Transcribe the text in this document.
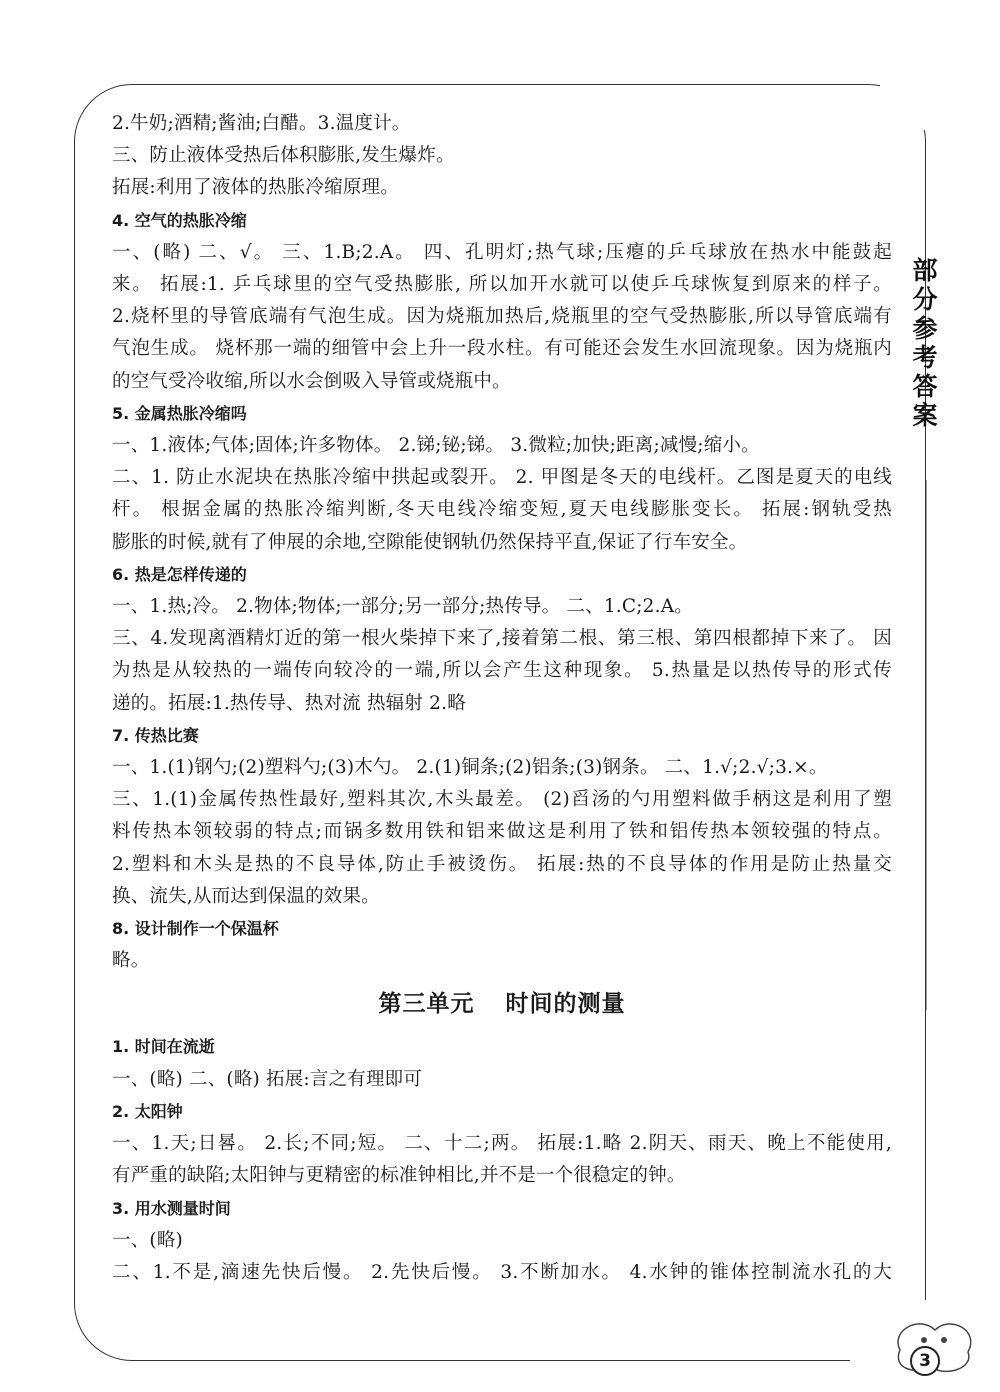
部分参考答案
2.牛奶;酒精;酱油;白醋。3.温度计。
三、防止液体受热后体积膨胀,发生爆炸。
拓展:利用了液体的热胀冷缩原理。
4. 空气的热胀冷缩
一、(略) 二、√。 三、1.B;2.A。 四、孔明灯;热气球;压瘪的乒乓球放在热水中能鼓起
来。 拓展:1. 乒乓球里的空气受热膨胀, 所以加开水就可以使乒乓球恢复到原来的样子。
2.烧杯里的导管底端有气泡生成。因为烧瓶加热后,烧瓶里的空气受热膨胀,所以导管底端有
气泡生成。 烧杯那一端的细管中会上升一段水柱。有可能还会发生水回流现象。因为烧瓶内
的空气受冷收缩,所以水会倒吸入导管或烧瓶中。
5. 金属热胀冷缩吗
一、1.液体;气体;固体;许多物体。 2.锑;铋;锑。 3.微粒;加快;距离;减慢;缩小。
二、1. 防止水泥块在热胀冷缩中拱起或裂开。 2. 甲图是冬天的电线杆。乙图是夏天的电线
杆。 根据金属的热胀冷缩判断,冬天电线冷缩变短,夏天电线膨胀变长。 拓展:钢轨受热
膨胀的时候,就有了伸展的余地,空隙能使钢轨仍然保持平直,保证了行车安全。
6. 热是怎样传递的
一、1.热;冷。 2.物体;物体;一部分;另一部分;热传导。 二、1.C;2.A。
三、4.发现离酒精灯近的第一根火柴掉下来了,接着第二根、第三根、第四根都掉下来了。 因
为热是从较热的一端传向较冷的一端,所以会产生这种现象。 5.热量是以热传导的形式传
递的。拓展:1.热传导、热对流 热辐射 2.略
7. 传热比赛
一、1.(1)钢勺;(2)塑料勺;(3)木勺。 2.(1)铜条;(2)铝条;(3)钢条。 二、1.√;2.√;3.×。
三、1.(1)金属传热性最好,塑料其次,木头最差。 (2)舀汤的勺用塑料做手柄这是利用了塑
料传热本领较弱的特点;而锅多数用铁和铝来做这是利用了铁和铝传热本领较强的特点。
2.塑料和木头是热的不良导体,防止手被烫伤。 拓展:热的不良导体的作用是防止热量交
换、流失,从而达到保温的效果。
8. 设计制作一个保温杯
略。
第三单元 时间的测量
1. 时间在流逝
一、(略) 二、(略) 拓展:言之有理即可
2. 太阳钟
一、1.天;日晷。 2.长;不同;短。 二、十二;两。 拓展:1.略 2.阴天、雨天、晚上不能使用,
有严重的缺陷;太阳钟与更精密的标准钟相比,并不是一个很稳定的钟。
3. 用水测量时间
一、(略)
二、1.不是,滴速先快后慢。 2.先快后慢。 3.不断加水。 4.水钟的锥体控制流水孔的大
3
